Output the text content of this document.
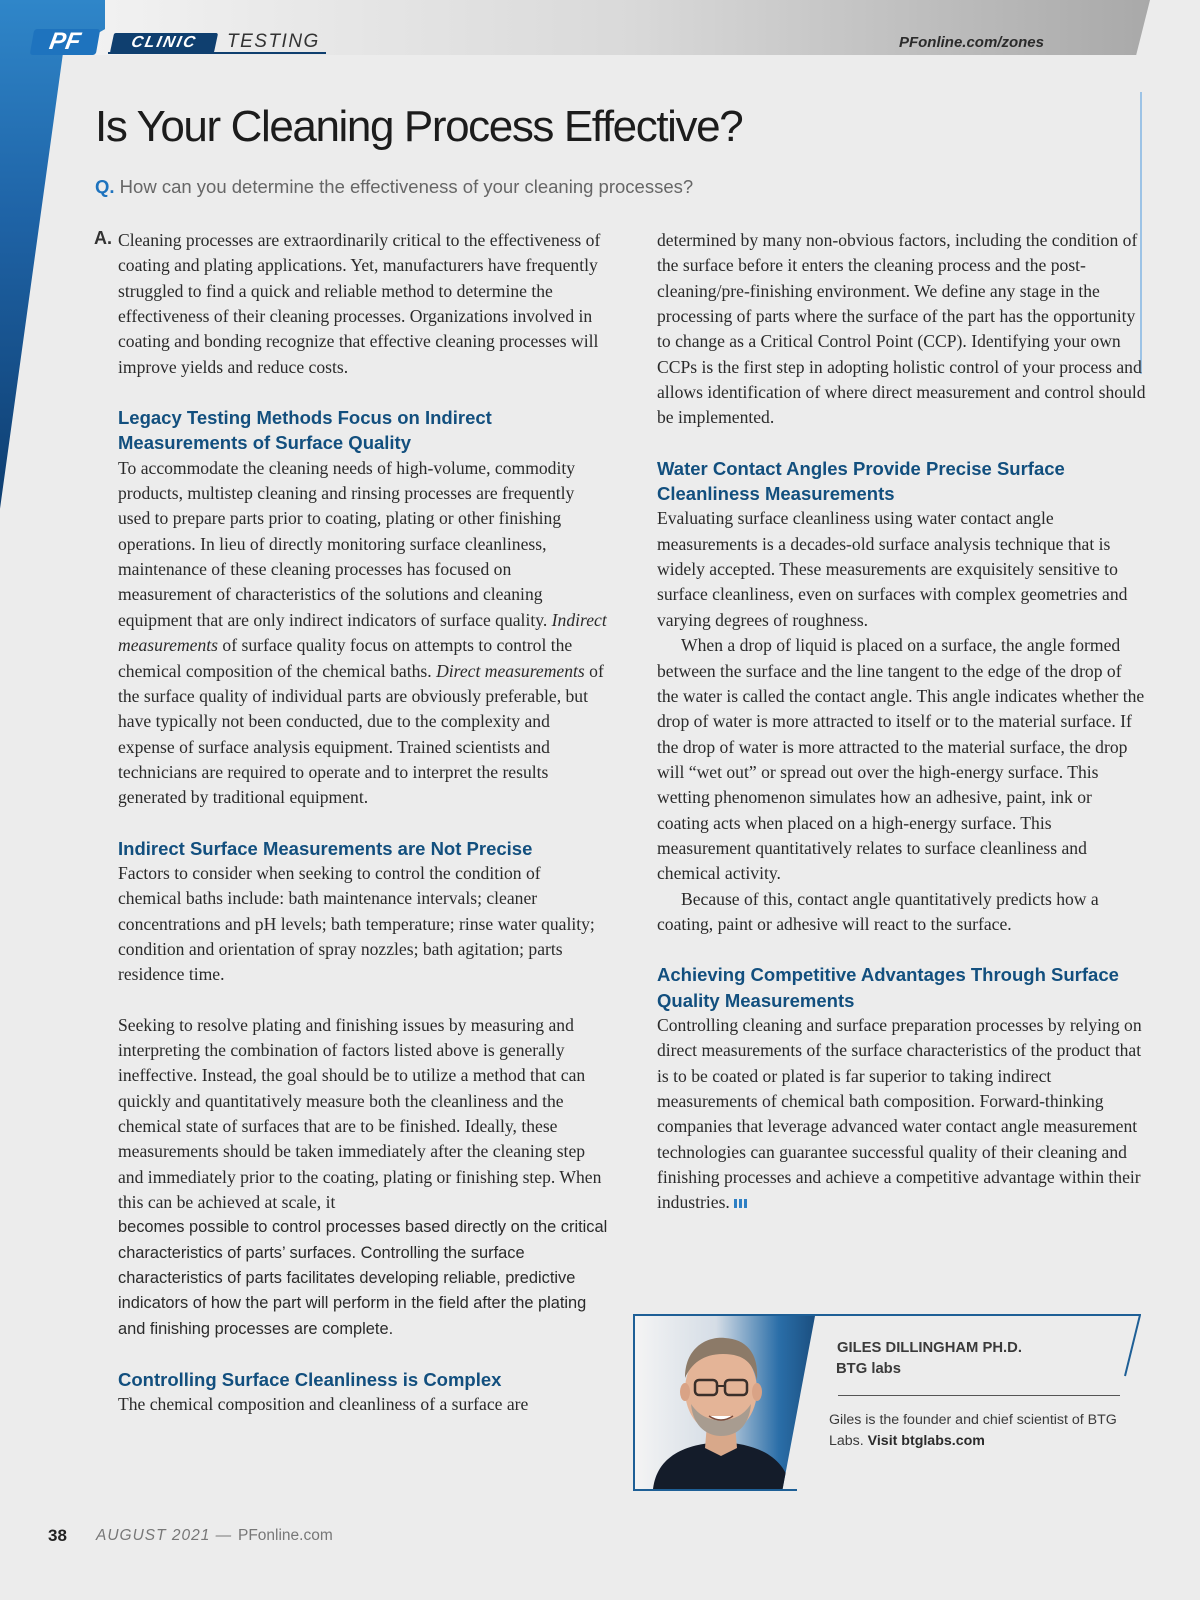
PF	CLINIC	TESTING	PFonline.com/zones
Is Your Cleaning Process Effective?
Q. How can you determine the effectiveness of your cleaning processes?
A. Cleaning processes are extraordinarily critical to the effectiveness of coating and plating applications. Yet, manufacturers have frequently struggled to find a quick and reliable method to determine the effectiveness of their cleaning processes. Organizations involved in coating and bonding recognize that effective cleaning processes will improve yields and reduce costs.

Legacy Testing Methods Focus on Indirect Measurements of Surface Quality

To accommodate the cleaning needs of high-volume, commodity products, multistep cleaning and rinsing processes are frequently used to prepare parts prior to coating, plating or other finishing operations. In lieu of directly monitoring surface cleanliness, maintenance of these cleaning processes has focused on measurement of characteristics of the solutions and cleaning equipment that are only indirect indicators of surface quality. Indirect measurements of surface quality focus on attempts to control the chemical composition of the chemical baths. Direct measurements of the surface quality of individual parts are obviously preferable, but have typically not been conducted, due to the complexity and expense of surface analysis equipment. Trained scientists and technicians are required to operate and to interpret the results generated by traditional equipment.

Indirect Surface Measurements are Not Precise

Factors to consider when seeking to control the condition of chemical baths include: bath maintenance intervals; cleaner concentrations and pH levels; bath temperature; rinse water quality; condition and orientation of spray nozzles; bath agitation; parts residence time.

Seeking to resolve plating and finishing issues by measuring and interpreting the combination of factors listed above is generally ineffective. Instead, the goal should be to utilize a method that can quickly and quantitatively measure both the cleanliness and the chemical state of surfaces that are to be finished. Ideally, these measurements should be taken immediately after the cleaning step and immediately prior to the coating, plating or finishing step. When this can be achieved at scale, it

becomes possible to control processes based directly on the critical characteristics of parts’ surfaces. Controlling the surface characteristics of parts facilitates developing reliable, predictive indicators of how the part will perform in the field after the plating and finishing processes are complete.

Controlling Surface Cleanliness is Complex

The chemical composition and cleanliness of a surface are

determined by many non-obvious factors, including the condition of the surface before it enters the cleaning process and the post-cleaning/pre-finishing environment. We define any stage in the processing of parts where the surface of the part has the opportunity to change as a Critical Control Point (CCP). Identifying your own CCPs is the first step in adopting holistic control of your process and allows identification of where direct measurement and control should be implemented.

Water Contact Angles Provide Precise Surface Cleanliness Measurements

Evaluating surface cleanliness using water contact angle measurements is a decades-old surface analysis technique that is widely accepted. These measurements are exquisitely sensitive to surface cleanliness, even on surfaces with complex geometries and varying degrees of roughness.

When a drop of liquid is placed on a surface, the angle formed between the surface and the line tangent to the edge of the drop of the water is called the contact angle. This angle indicates whether the drop of water is more attracted to itself or to the material surface. If the drop of water is more attracted to the material surface, the drop will “wet out” or spread out over the high-energy surface. This wetting phenomenon simulates how an adhesive, paint, ink or coating acts when placed on a high-energy surface. This measurement quantitatively relates to surface cleanliness and chemical activity.

Because of this, contact angle quantitatively predicts how a coating, paint or adhesive will react to the surface.

Achieving Competitive Advantages Through Surface Quality Measurements

Controlling cleaning and surface preparation processes by relying on direct measurements of the surface characteristics of the product that is to be coated or plated is far superior to taking indirect measurements of chemical bath composition. Forward-thinking companies that leverage advanced water contact angle measurement technologies can guarantee successful quality of their cleaning and finishing processes and achieve a competitive advantage within their industries.

GILES DILLINGHAM PH.D.
BTG labs
Giles is the founder and chief scientist of BTG Labs. Visit btglabs.com
38 AUGUST 2021 — PFonline.com
